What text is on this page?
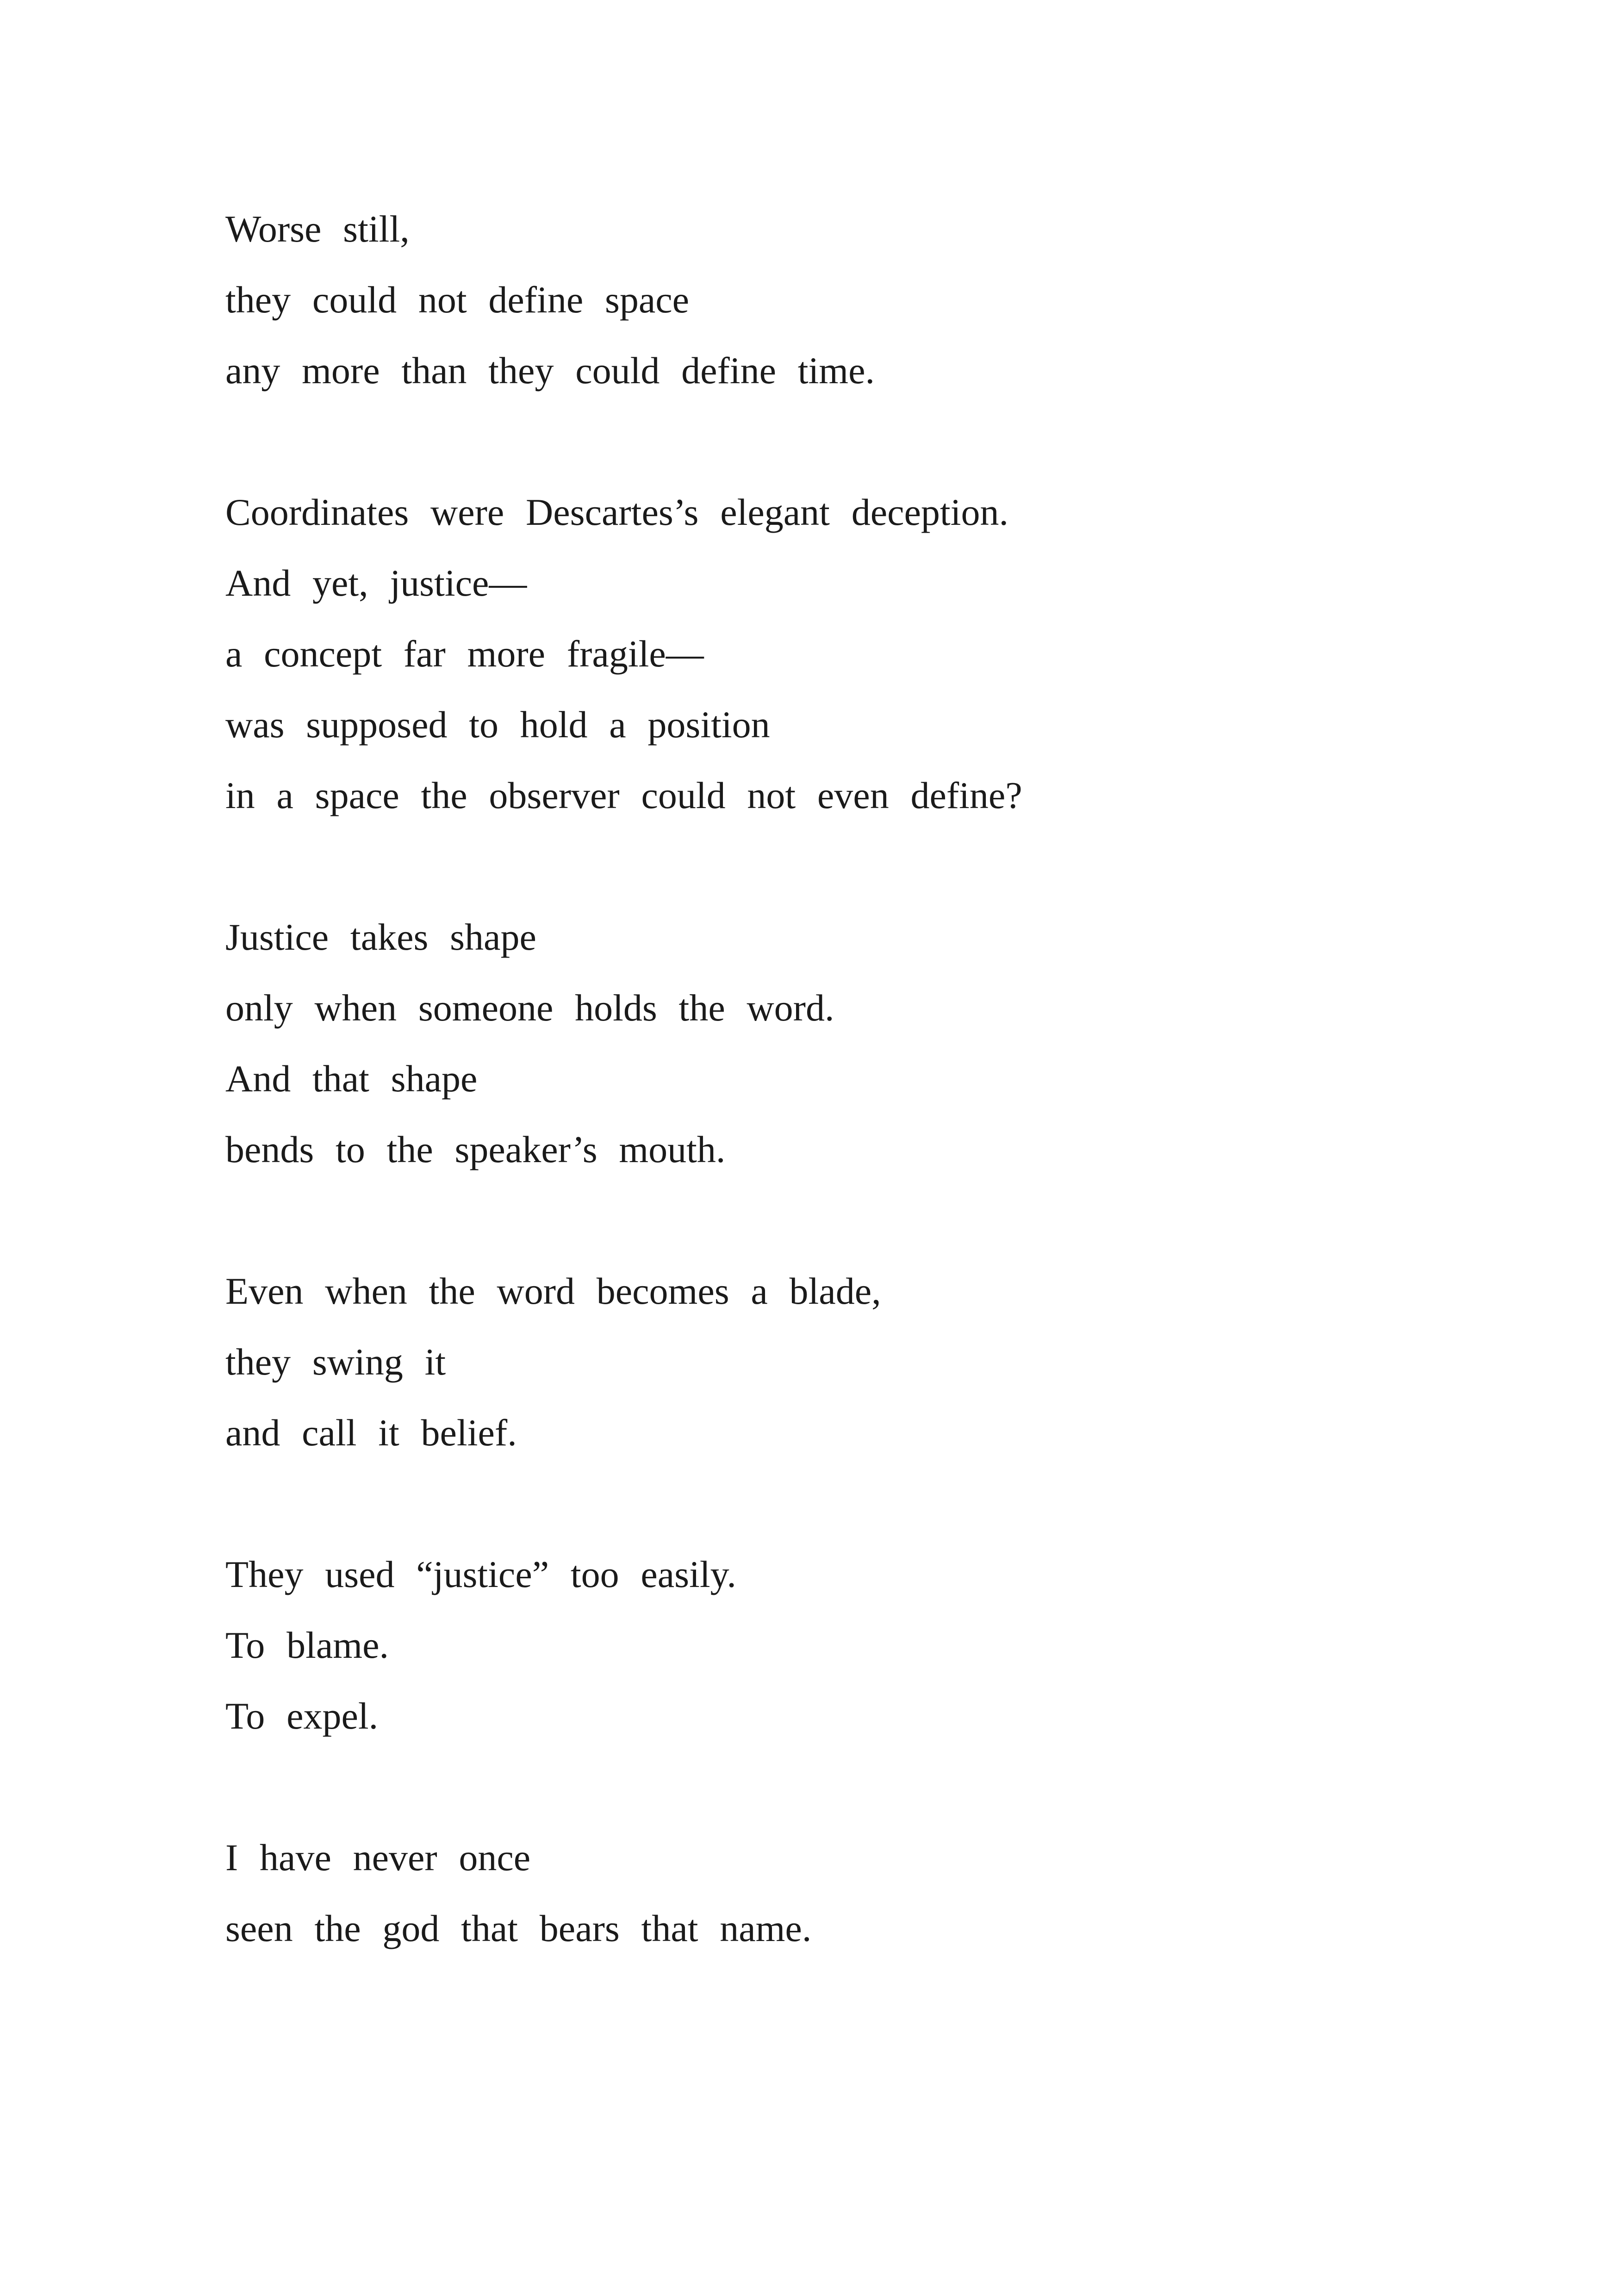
Worse still,
they could not define space
any more than they could define time.
Coordinates were Descartes’s elegant deception.
And yet, justice—
a concept far more fragile—
was supposed to hold a position
in a space the observer could not even define?
Justice takes shape
only when someone holds the word.
And that shape
bends to the speaker’s mouth.
Even when the word becomes a blade,
they swing it
and call it belief.
They used “justice” too easily.
To blame.
To expel.
I have never once
seen the god that bears that name.
